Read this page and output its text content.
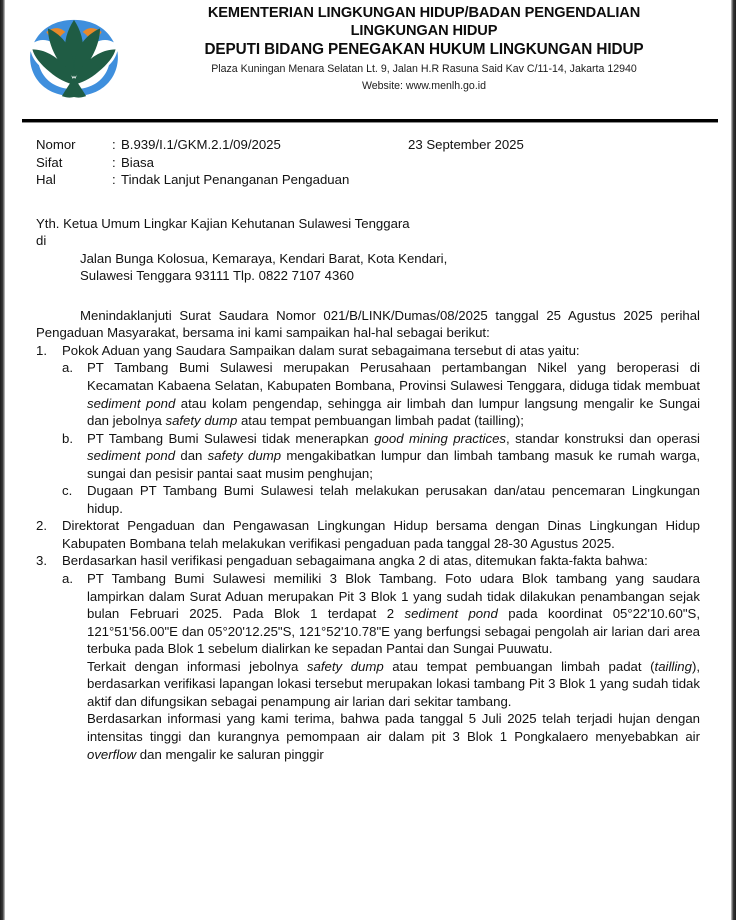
KEMENTERIAN LINGKUNGAN HIDUP/BADAN PENGENDALIAN
LINGKUNGAN HIDUP
DEPUTI BIDANG PENEGAKAN HUKUM LINGKUNGAN HIDUP
Plaza Kuningan Menara Selatan Lt. 9, Jalan H.R Rasuna Said Kav C/11-14, Jakarta 12940
Website: www.menlh.go.id
Nomor	: B.939/I.1/GKM.2.1/09/2025
Sifat	: Biasa
Hal	: Tindak Lanjut Penanganan Pengaduan
23 September 2025
Yth. Ketua Umum Lingkar Kajian Kehutanan Sulawesi Tenggara
di
Jalan Bunga Kolosua, Kemaraya, Kendari Barat, Kota Kendari,
Sulawesi Tenggara 93111 Tlp. 0822 7107 4360
Menindaklanjuti Surat Saudara Nomor 021/B/LINK/Dumas/08/2025 tanggal 25 Agustus 2025 perihal Pengaduan Masyarakat, bersama ini kami sampaikan hal-hal sebagai berikut:
1.	Pokok Aduan yang Saudara Sampaikan dalam surat sebagaimana tersebut di atas yaitu:
a.	PT Tambang Bumi Sulawesi merupakan Perusahaan pertambangan Nikel yang beroperasi di Kecamatan Kabaena Selatan, Kabupaten Bombana, Provinsi Sulawesi Tenggara, diduga tidak membuat sediment pond atau kolam pengendap, sehingga air limbah dan lumpur langsung mengalir ke Sungai dan jebolnya safety dump atau tempat pembuangan limbah padat (tailling);
b.	PT Tambang Bumi Sulawesi tidak menerapkan good mining practices, standar konstruksi dan operasi sediment pond dan safety dump mengakibatkan lumpur dan limbah tambang masuk ke rumah warga, sungai dan pesisir pantai saat musim penghujan;
c.	Dugaan PT Tambang Bumi Sulawesi telah melakukan perusakan dan/atau pencemaran Lingkungan hidup.
2.	Direktorat Pengaduan dan Pengawasan Lingkungan Hidup bersama dengan Dinas Lingkungan Hidup Kabupaten Bombana telah melakukan verifikasi pengaduan pada tanggal 28-30 Agustus 2025.
3.	Berdasarkan hasil verifikasi pengaduan sebagaimana angka 2 di atas, ditemukan fakta-fakta bahwa:
a.	PT Tambang Bumi Sulawesi memiliki 3 Blok Tambang. Foto udara Blok tambang yang saudara lampirkan dalam Surat Aduan merupakan Pit 3 Blok 1 yang sudah tidak dilakukan penambangan sejak bulan Februari 2025. Pada Blok 1 terdapat 2 sediment pond pada koordinat 05°22'10.60"S, 121°51'56.00"E dan 05°20'12.25"S, 121°52'10.78"E yang berfungsi sebagai pengolah air larian dari area terbuka pada Blok 1 sebelum dialirkan ke sepadan Pantai dan Sungai Puuwatu.
Terkait dengan informasi jebolnya safety dump atau tempat pembuangan limbah padat (tailling), berdasarkan verifikasi lapangan lokasi tersebut merupakan lokasi tambang Pit 3 Blok 1 yang sudah tidak aktif dan difungsikan sebagai penampung air larian dari sekitar tambang.
Berdasarkan informasi yang kami terima, bahwa pada tanggal 5 Juli 2025 telah terjadi hujan dengan intensitas tinggi dan kurangnya pemompaan air dalam pit 3 Blok 1 Pongkalaero menyebabkan air overflow dan mengalir ke saluran pinggir
